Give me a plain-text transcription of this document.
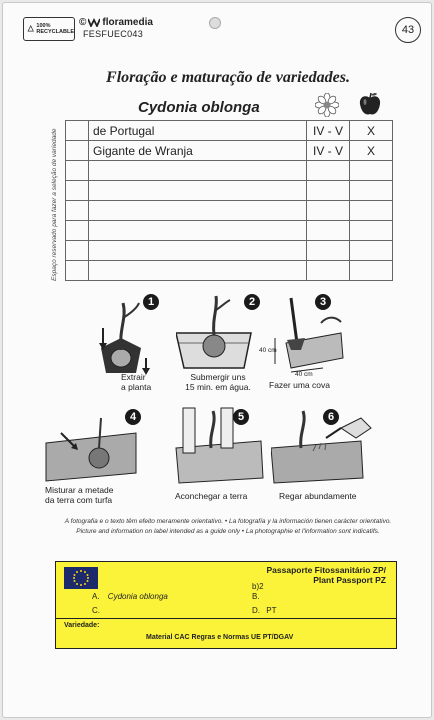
100%
RECYCLABLE
© floramedia
FESFUEC043	43
Floração e maturação de variedades.
Cydonia oblonga
Espaço reservado para fazer a seleção de variedade
		de Portugal	IV - V	X
	Gigante de Wranja	IV - V	X

1
Extrair
a planta
2
Submergir uns
15 min. em água.
3
40 cm
40 cm
Fazer uma cova
4
Misturar a metade
da terra com turfa
5
Aconchegar a terra
6
Regar abundamente
A fotografia e o texto têm efeito meramente orientativo. • La fotografía y la información tienen carácter orientativo.
Picture and information on label intended as a guide only • La photographie et l'information sont indicatifs.
Passaporte Fitossanitário ZP/
Plant Passport PZ
b)2
A. Cydonia oblonga	B.
C.	D. PT
Variedade:
Material CAC Regras e Normas UE PT/DGAV
